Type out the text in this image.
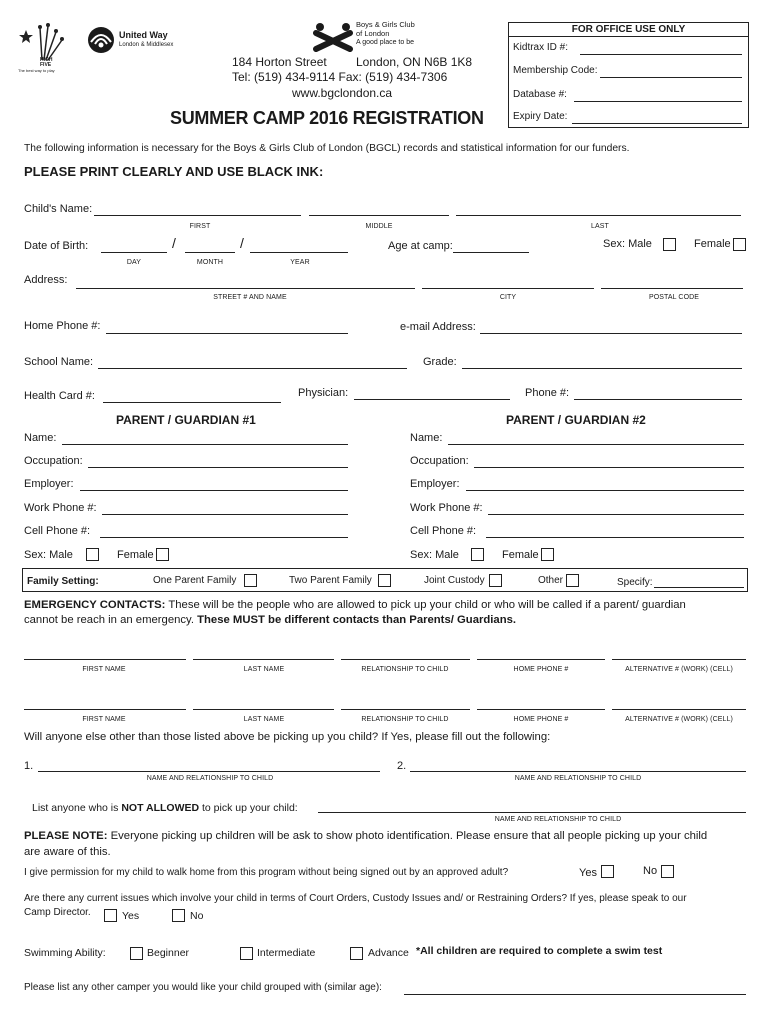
HIGH FIVE
The best way to play
United Way
London & Middlesex
Boys & Girls Club
of London
A good place to be
184 Horton Street London, ON N6B 1K8
Tel: (519) 434-9114 Fax: (519) 434-7306
www.bgclondon.ca
SUMMER CAMP 2016 REGISTRATION
FOR OFFICE USE ONLY
Kidtrax ID #:
Membership Code:
Database #:
Expiry Date:
The following information is necessary for the Boys & Girls Club of London (BGCL) records and statistical information for our funders.
PLEASE PRINT CLEARLY AND USE BLACK INK:
Child's Name:
FIRST	MIDDLE	LAST
Date of Birth:	/	/
DAY	MONTH	YEAR
Age at camp:	Sex: Male	Female
Address:
STREET # AND NAME	CITY	POSTAL CODE
Home Phone #:	e-mail Address:
School Name:	Grade:
Health Card #:	Physician:	Phone #:
PARENT / GUARDIAN #1	PARENT / GUARDIAN #2
Name:	Name:
Occupation:	Occupation:
Employer:	Employer:
Work Phone #:	Work Phone #:
Cell Phone #:	Cell Phone #:
Sex: Male	Female	Sex: Male	Female
Family Setting:	One Parent Family	Two Parent Family	Joint Custody	Other	Specify:
EMERGENCY CONTACTS: These will be the people who are allowed to pick up your child or who will be called if a parent/ guardian
cannot be reach in an emergency. These MUST be different contacts than Parents/ Guardians.
FIRST NAME	LAST NAME	RELATIONSHIP TO CHILD	HOME PHONE #	ALTERNATIVE # (WORK) (CELL)
FIRST NAME	LAST NAME	RELATIONSHIP TO CHILD	HOME PHONE #	ALTERNATIVE # (WORK) (CELL)
Will anyone else other than those listed above be picking up you child? If Yes, please fill out the following:
1.
NAME AND RELATIONSHIP TO CHILD
2.
NAME AND RELATIONSHIP TO CHILD
List anyone who is NOT ALLOWED to pick up your child:
NAME AND RELATIONSHIP TO CHILD
PLEASE NOTE: Everyone picking up children will be ask to show photo identification. Please ensure that all people picking up your child
are aware of this.
I give permission for my child to walk home from this program without being signed out by an approved adult?	Yes	No
Are there any current issues which involve your child in terms of Court Orders, Custody Issues and/ or Restraining Orders? If yes, please speak to our
Camp Director.	Yes	No
Swimming Ability:	Beginner	Intermediate	Advance *All children are required to complete a swim test
Please list any other camper you would like your child grouped with (similar age):
